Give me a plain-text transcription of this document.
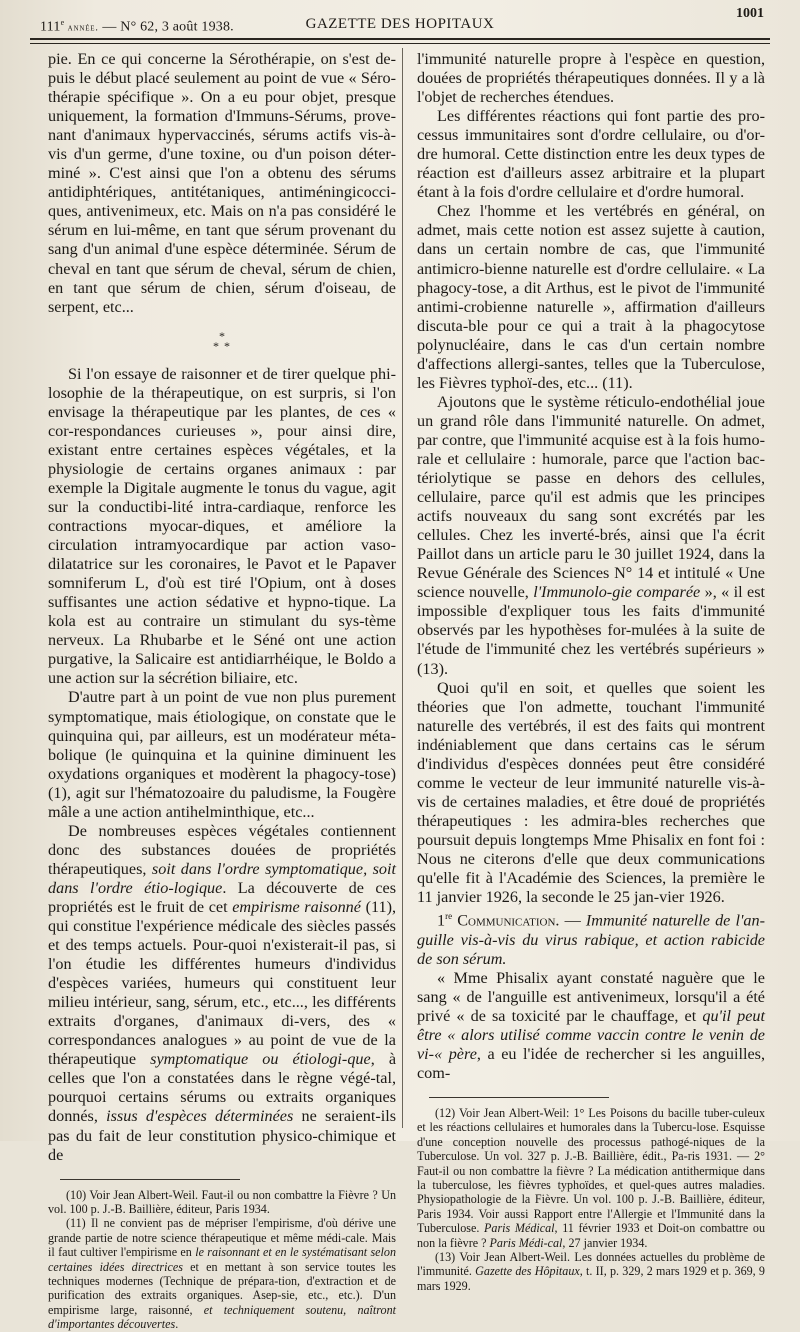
111e année. — N° 62, 3 août 1938.	GAZETTE DES HOPITAUX
1001

pie. En ce qui concerne la Sérothérapie, on s'est de-puis le début placé seulement au point de vue « Séro-thérapie spécifique ». On a eu pour objet, presque uniquement, la formation d'Immuns-Sérums, prove-nant d'animaux hypervaccinés, sérums actifs vis-à-vis d'un germe, d'une toxine, ou d'un poison déter-miné ». C'est ainsi que l'on a obtenu des sérums antidiphtériques, antitétaniques, antiméningicocci-ques, antivenimeux, etc. Mais on n'a pas considéré le sérum en lui-même, en tant que sérum provenant du sang d'un animal d'une espèce déterminée. Sérum de cheval en tant que sérum de cheval, sérum de chien, en tant que sérum de chien, sérum d'oiseau, de serpent, etc...

*
* *

Si l'on essaye de raisonner et de tirer quelque phi-losophie de la thérapeutique, on est surpris, si l'on envisage la thérapeutique par les plantes, de ces « cor-respondances curieuses », pour ainsi dire, existant entre certaines espèces végétales, et la physiologie de certains organes animaux : par exemple la Digitale augmente le tonus du vague, agit sur la conductibi-lité intra-cardiaque, renforce les contractions myocar-diques, et améliore la circulation intramyocardique par action vaso-dilatatrice sur les coronaires, le Pavot et le Papaver somniferum L, d'où est tiré l'Opium, ont à doses suffisantes une action sédative et hypno-tique. La kola est au contraire un stimulant du sys-tème nerveux. La Rhubarbe et le Séné ont une action purgative, la Salicaire est antidiarrhéique, le Boldo a une action sur la sécrétion biliaire, etc.

D'autre part à un point de vue non plus purement symptomatique, mais étiologique, on constate que le quinquina qui, par ailleurs, est un modérateur méta-bolique (le quinquina et la quinine diminuent les oxydations organiques et modèrent la phagocy-tose) (1), agit sur l'hématozoaire du paludisme, la Fougère mâle a une action antihelminthique, etc...

De nombreuses espèces végétales contiennent donc des substances douées de propriétés thérapeutiques, soit dans l'ordre symptomatique, soit dans l'ordre étio-logique. La découverte de ces propriétés est le fruit de cet empirisme raisonné (11), qui constitue l'expérience médicale des siècles passés et des temps actuels. Pour-quoi n'existerait-il pas, si l'on étudie les différentes humeurs d'individus d'espèces variées, humeurs qui constituent leur milieu intérieur, sang, sérum, etc., etc..., les différents extraits d'organes, d'animaux di-vers, des « correspondances analogues » au point de vue de la thérapeutique symptomatique ou étiologi-que, à celles que l'on a constatées dans le règne végé-tal, pourquoi certains sérums ou extraits organiques donnés, issus d'espèces déterminées ne seraient-ils pas du fait de leur constitution physico-chimique et de

(10) Voir Jean Albert-Weil. Faut-il ou non combattre la Fièvre ? Un vol. 100 p. J.-B. Baillière, éditeur, Paris 1934.

(11) Il ne convient pas de mépriser l'empirisme, d'où dérive une grande partie de notre science thérapeutique et même médi-cale. Mais il faut cultiver l'empirisme en le raisonnant et en le systématisant selon certaines idées directrices et en mettant à son service toutes les techniques modernes (Technique de prépara-tion, d'extraction et de purification des extraits organiques. Asep-sie, etc., etc.). D'un empirisme large, raisonné, et techniquement soutenu, naîtront d'importantes découvertes.

l'immunité naturelle propre à l'espèce en question, douées de propriétés thérapeutiques données. Il y a là l'objet de recherches étendues.

Les différentes réactions qui font partie des pro-cessus immunitaires sont d'ordre cellulaire, ou d'or-dre humoral. Cette distinction entre les deux types de réaction est d'ailleurs assez arbitraire et la plupart étant à la fois d'ordre cellulaire et d'ordre humoral.

Chez l'homme et les vertébrés en général, on admet, mais cette notion est assez sujette à caution, dans un certain nombre de cas, que l'immunité antimicro-bienne naturelle est d'ordre cellulaire. « La phagocy-tose, a dit Arthus, est le pivot de l'immunité antimi-crobienne naturelle », affirmation d'ailleurs discuta-ble pour ce qui a trait à la phagocytose polynucléaire, dans le cas d'un certain nombre d'affections allergi-santes, telles que la Tuberculose, les Fièvres typhoï-des, etc... (11).

Ajoutons que le système réticulo-endothélial joue un grand rôle dans l'immunité naturelle. On admet, par contre, que l'immunité acquise est à la fois humo-rale et cellulaire : humorale, parce que l'action bac-tériolytique se passe en dehors des cellules, cellulaire, parce qu'il est admis que les principes actifs nouveaux du sang sont excrétés par les cellules. Chez les inverté-brés, ainsi que l'a écrit Paillot dans un article paru le 30 juillet 1924, dans la Revue Générale des Sciences N° 14 et intitulé « Une science nouvelle, l'Immunolo-gie comparée », « il est impossible d'expliquer tous les faits d'immunité observés par les hypothèses for-mulées à la suite de l'étude de l'immunité chez les vertébrés supérieurs » (13).

Quoi qu'il en soit, et quelles que soient les théories que l'on admette, touchant l'immunité naturelle des vertébrés, il est des faits qui montrent indéniablement que dans certains cas le sérum d'individus d'espèces données peut être considéré comme le vecteur de leur immunité naturelle vis-à-vis de certaines maladies, et être doué de propriétés thérapeutiques : les admira-bles recherches que poursuit depuis longtemps Mme Phisalix en font foi : Nous ne citerons d'elle que deux communications qu'elle fit à l'Académie des Sciences, la première le 11 janvier 1926, la seconde le 25 jan-vier 1926.

1re Communication. — Immunité naturelle de l'an-guille vis-à-vis du virus rabique, et action rabicide de son sérum.

« Mme Phisalix ayant constaté naguère que le sang « de l'anguille est antivenimeux, lorsqu'il a été privé « de sa toxicité par le chauffage, et qu'il peut être « alors utilisé comme vaccin contre le venin de vi-« père, a eu l'idée de rechercher si les anguilles, com-

(12) Voir Jean Albert-Weil: 1° Les Poisons du bacille tuber-culeux et les réactions cellulaires et humorales dans la Tubercu-lose. Esquisse d'une conception nouvelle des processus pathogé-niques de la Tuberculose. Un vol. 327 p. J.-B. Baillière, édit., Pa-ris 1931. — 2° Faut-il ou non combattre la fièvre ? La médication antithermique dans la tuberculose, les fièvres typhoïdes, et quel-ques autres maladies. Physiopathologie de la Fièvre. Un vol. 100 p. J.-B. Baillière, éditeur, Paris 1934. Voir aussi Rapport entre l'Allergie et l'Immunité dans la Tuberculose. Paris Médical, 11 février 1933 et Doit-on combattre ou non la fièvre ? Paris Médi-cal, 27 janvier 1934.

(13) Voir Jean Albert-Weil. Les données actuelles du problème de l'immunité. Gazette des Hôpitaux, t. II, p. 329, 2 mars 1929 et p. 369, 9 mars 1929.
